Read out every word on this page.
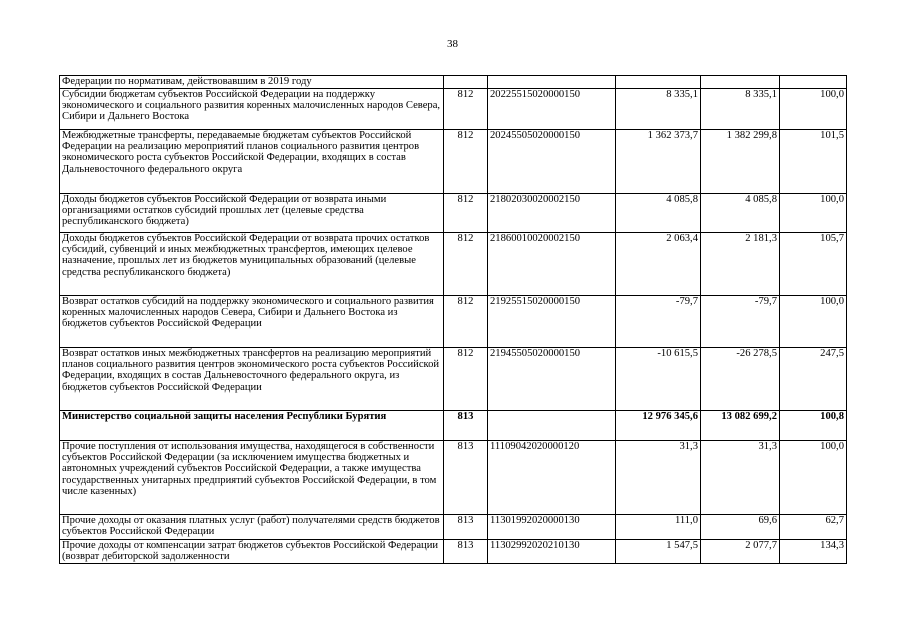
38
Федерации по нормативам, действовавшим в 2019 году					
Субсидии бюджетам субъектов Российской Федерации на поддержку экономического и социального развития коренных малочисленных народов Севера, Сибири и Дальнего Востока	812	20225515020000150	8 335,1	8 335,1	100,0
Межбюджетные трансферты, передаваемые бюджетам субъектов Российской Федерации на реализацию мероприятий планов социального развития центров экономического роста субъектов Российской Федерации, входящих в состав Дальневосточного федерального округа	812	20245505020000150	1 362 373,7	1 382 299,8	101,5
Доходы бюджетов субъектов Российской Федерации от возврата иными организациями остатков субсидий прошлых лет (целевые средства республиканского бюджета)	812	21802030020002150	4 085,8	4 085,8	100,0
Доходы бюджетов субъектов Российской Федерации от возврата прочих остатков субсидий, субвенций и иных межбюджетных трансфертов, имеющих целевое назначение, прошлых лет из бюджетов муниципальных образований (целевые средства республиканского бюджета)	812	21860010020002150	2 063,4	2 181,3	105,7
Возврат остатков субсидий на поддержку экономического и социального развития коренных малочисленных народов Севера, Сибири и Дальнего Востока из бюджетов субъектов Российской Федерации	812	21925515020000150	-79,7	-79,7	100,0
Возврат остатков иных межбюджетных трансфертов на реализацию мероприятий планов социального развития центров экономического роста субъектов Российской Федерации, входящих в состав Дальневосточного федерального округа, из бюджетов субъектов Российской Федерации	812	21945505020000150	-10 615,5	-26 278,5	247,5
Министерство социальной защиты населения Республики Бурятия	813		12 976 345,6	13 082 699,2	100,8
Прочие поступления от использования имущества, находящегося в собственности субъектов Российской Федерации (за исключением имущества бюджетных и автономных учреждений субъектов Российской Федерации, а также имущества государственных унитарных предприятий субъектов Российской Федерации, в том числе казенных)	813	11109042020000120	31,3	31,3	100,0
Прочие доходы от оказания платных услуг (работ) получателями средств бюджетов субъектов Российской Федерации	813	11301992020000130	111,0	69,6	62,7
Прочие доходы от компенсации затрат бюджетов субъектов Российской Федерации (возврат дебиторской задолженности	813	11302992020210130	1 547,5	2 077,7	134,3
